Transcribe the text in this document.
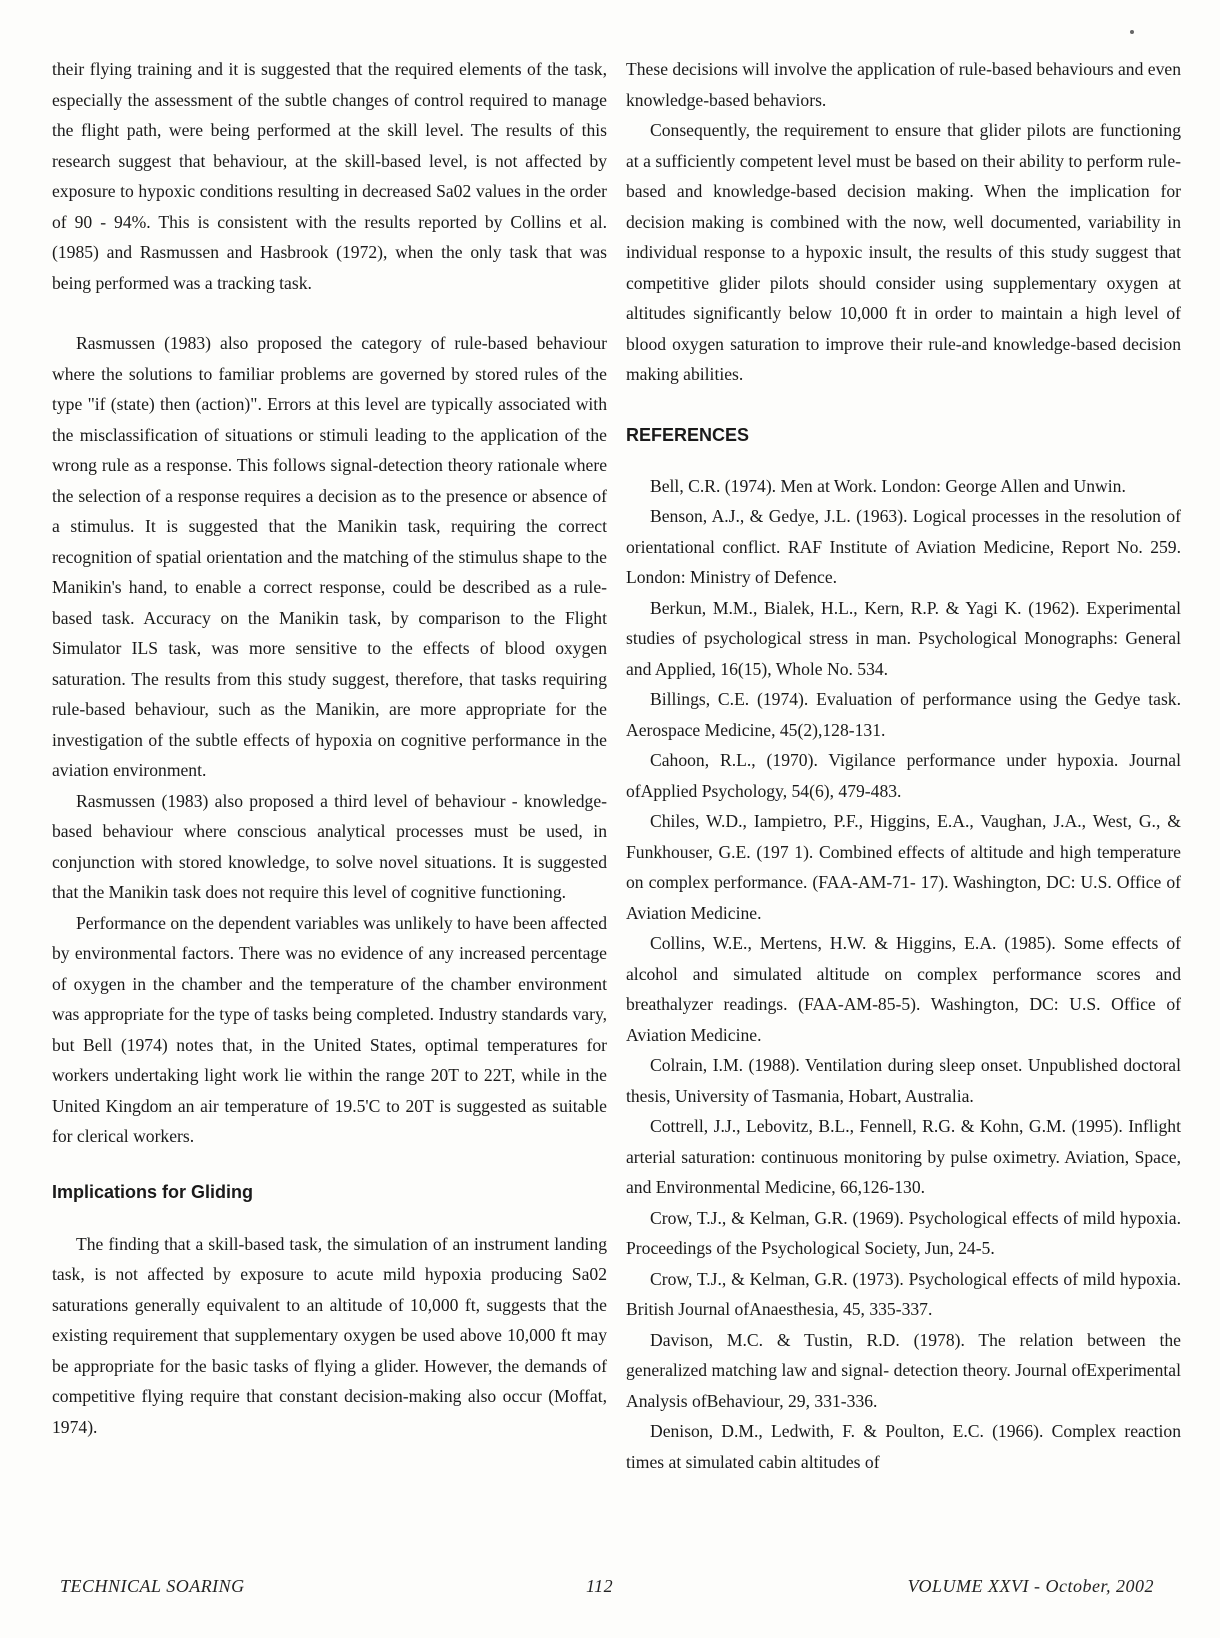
their flying training and it is suggested that the required elements of the task, especially the assessment of the subtle changes of control required to manage the flight path, were being performed at the skill level. The results of this research suggest that behaviour, at the skill-based level, is not affected by exposure to hypoxic conditions resulting in decreased Sa02 values in the order of 90 - 94%. This is consistent with the results reported by Collins et al. (1985) and Rasmussen and Hasbrook (1972), when the only task that was being performed was a tracking task.

Rasmussen (1983) also proposed the category of rule-based behaviour where the solutions to familiar problems are governed by stored rules of the type "if (state) then (action)". Errors at this level are typically associated with the misclassification of situations or stimuli leading to the application of the wrong rule as a response. This follows signal-detection theory rationale where the selection of a response requires a decision as to the presence or absence of a stimulus. It is suggested that the Manikin task, requiring the correct recognition of spatial orientation and the matching of the stimulus shape to the Manikin's hand, to enable a correct response, could be described as a rule-based task. Accuracy on the Manikin task, by comparison to the Flight Simulator ILS task, was more sensitive to the effects of blood oxygen saturation. The results from this study suggest, therefore, that tasks requiring rule-based behaviour, such as the Manikin, are more appropriate for the investigation of the subtle effects of hypoxia on cognitive performance in the aviation environment.

Rasmussen (1983) also proposed a third level of behaviour - knowledge-based behaviour where conscious analytical processes must be used, in conjunction with stored knowledge, to solve novel situations. It is suggested that the Manikin task does not require this level of cognitive functioning.

Performance on the dependent variables was unlikely to have been affected by environmental factors. There was no evidence of any increased percentage of oxygen in the chamber and the temperature of the chamber environment was appropriate for the type of tasks being completed. Industry standards vary, but Bell (1974) notes that, in the United States, optimal temperatures for workers undertaking light work lie within the range 20T to 22T, while in the United Kingdom an air temperature of 19.5'C to 20T is suggested as suitable for clerical workers.

Implications for Gliding

The finding that a skill-based task, the simulation of an instrument landing task, is not affected by exposure to acute mild hypoxia producing Sa02 saturations generally equivalent to an altitude of 10,000 ft, suggests that the existing requirement that supplementary oxygen be used above 10,000 ft may be appropriate for the basic tasks of flying a glider. However, the demands of competitive flying require that constant decision-making also occur (Moffat, 1974).

These decisions will involve the application of rule-based behaviours and even knowledge-based behaviors.

Consequently, the requirement to ensure that glider pilots are functioning at a sufficiently competent level must be based on their ability to perform rule-based and knowledge-based decision making. When the implication for decision making is combined with the now, well documented, variability in individual response to a hypoxic insult, the results of this study suggest that competitive glider pilots should consider using supplementary oxygen at altitudes significantly below 10,000 ft in order to maintain a high level of blood oxygen saturation to improve their rule-and knowledge-based decision making abilities.

REFERENCES

Bell, C.R. (1974). Men at Work. London: George Allen and Unwin.

Benson, A.J., & Gedye, J.L. (1963). Logical processes in the resolution of orientational conflict. RAF Institute of Aviation Medicine, Report No. 259. London: Ministry of Defence.

Berkun, M.M., Bialek, H.L., Kern, R.P. & Yagi K. (1962). Experimental studies of psychological stress in man. Psychological Monographs: General and Applied, 16(15), Whole No. 534.

Billings, C.E. (1974). Evaluation of performance using the Gedye task. Aerospace Medicine, 45(2),128-131.

Cahoon, R.L., (1970). Vigilance performance under hypoxia. Journal ofApplied Psychology, 54(6), 479-483.

Chiles, W.D., Iampietro, P.F., Higgins, E.A., Vaughan, J.A., West, G., & Funkhouser, G.E. (197 1). Combined effects of altitude and high temperature on complex performance. (FAA-AM-71- 17). Washington, DC: U.S. Office of Aviation Medicine.

Collins, W.E., Mertens, H.W. & Higgins, E.A. (1985). Some effects of alcohol and simulated altitude on complex performance scores and breathalyzer readings. (FAA-AM-85-5). Washington, DC: U.S. Office of Aviation Medicine.

Colrain, I.M. (1988). Ventilation during sleep onset. Unpublished doctoral thesis, University of Tasmania, Hobart, Australia.

Cottrell, J.J., Lebovitz, B.L., Fennell, R.G. & Kohn, G.M. (1995). Inflight arterial saturation: continuous monitoring by pulse oximetry. Aviation, Space, and Environmental Medicine, 66,126-130.

Crow, T.J., & Kelman, G.R. (1969). Psychological effects of mild hypoxia. Proceedings of the Psychological Society, Jun, 24-5.

Crow, T.J., & Kelman, G.R. (1973). Psychological effects of mild hypoxia. British Journal ofAnaesthesia, 45, 335-337.

Davison, M.C. & Tustin, R.D. (1978). The relation between the generalized matching law and signal- detection theory. Journal ofExperimental Analysis ofBehaviour, 29, 331-336.

Denison, D.M., Ledwith, F. & Poulton, E.C. (1966). Complex reaction times at simulated cabin altitudes of

TECHNICAL SOARING	112	VOLUME XXVI - October, 2002
